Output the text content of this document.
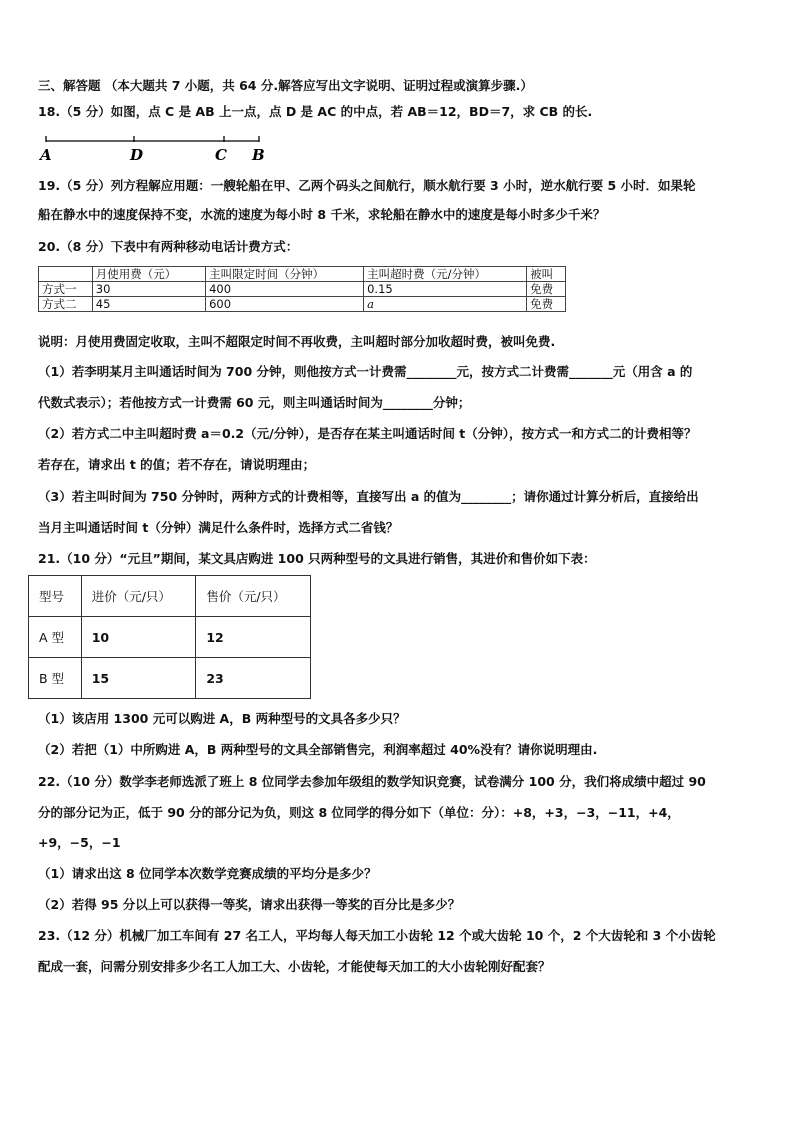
三、解答题 （本大题共 7 小题，共 64 分.解答应写出文字说明、证明过程或演算步骤.）
18.（5 分）如图，点 C 是 AB 上一点，点 D 是 AC 的中点，若 AB＝12，BD＝7，求 CB 的长.
A	D	C B
19.（5 分）列方程解应用题：一艘轮船在甲、乙两个码头之间航行，顺水航行要 3 小时，逆水航行要 5 小时．如果轮
船在静水中的速度保持不变，水流的速度为每小时 8 千米，求轮船在静水中的速度是每小时多少千米？
20.（8 分）下表中有两种移动电话计费方式：
	月使用费（元）	主叫限定时间（分钟）	主叫超时费（元/分钟）	被叫
方式一	30	400	0.15	免费
方式二	45	600	a	免费
说明：月使用费固定收取，主叫不超限定时间不再收费，主叫超时部分加收超时费，被叫免费.
（1）若李明某月主叫通话时间为 700 分钟，则他按方式一计费需________元，按方式二计费需_______元（用含 a 的
代数式表示）；若他按方式一计费需 60 元，则主叫通话时间为________分钟；
（2）若方式二中主叫超时费 a＝0.2（元/分钟），是否存在某主叫通话时间 t（分钟），按方式一和方式二的计费相等？
若存在，请求出 t 的值；若不存在，请说明理由；
（3）若主叫时间为 750 分钟时，两种方式的计费相等，直接写出 a 的值为________；请你通过计算分析后，直接给出
当月主叫通话时间 t（分钟）满足什么条件时，选择方式二省钱？
21.（10 分）“元旦”期间，某文具店购进 100 只两种型号的文具进行销售，其进价和售价如下表：
型号	进价（元/只）	售价（元/只）
A 型	10	12
B 型	15	23
（1）该店用 1300 元可以购进 A，B 两种型号的文具各多少只？
（2）若把（1）中所购进 A，B 两种型号的文具全部销售完，利润率超过 40%没有？请你说明理由.
22.（10 分）数学李老师选派了班上 8 位同学去参加年级组的数学知识竞赛，试卷满分 100 分，我们将成绩中超过 90
分的部分记为正，低于 90 分的部分记为负，则这 8 位同学的得分如下（单位：分）：+8，+3，−3，−11，+4，
+9，−5，−1
（1）请求出这 8 位同学本次数学竞赛成绩的平均分是多少？
（2）若得 95 分以上可以获得一等奖，请求出获得一等奖的百分比是多少？
23.（12 分）机械厂加工车间有 27 名工人，平均每人每天加工小齿轮 12 个或大齿轮 10 个，2 个大齿轮和 3 个小齿轮
配成一套，问需分别安排多少名工人加工大、小齿轮，才能使每天加工的大小齿轮刚好配套？
